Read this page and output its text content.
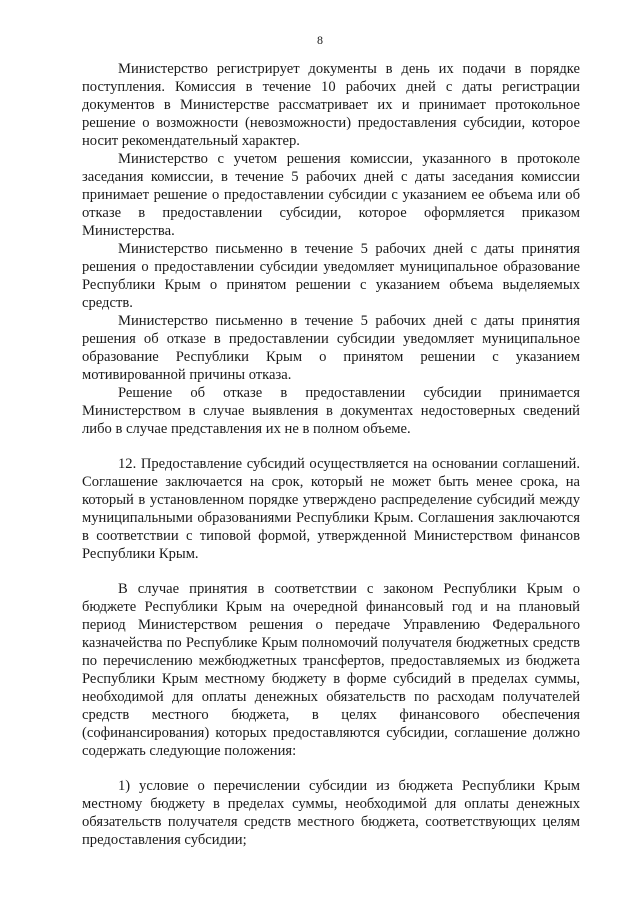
8

Министерство регистрирует документы в день их подачи в порядке поступления. Комиссия в течение 10 рабочих дней с даты регистрации документов в Министерстве рассматривает их и принимает протокольное решение о возможности (невозможности) предоставления субсидии, которое носит рекомендательный характер.

Министерство с учетом решения комиссии, указанного в протоколе заседания комиссии, в течение 5 рабочих дней с даты заседания комиссии принимает решение о предоставлении субсидии с указанием ее объема или об отказе в предоставлении субсидии, которое оформляется приказом Министерства.

Министерство письменно в течение 5 рабочих дней с даты принятия решения о предоставлении субсидии уведомляет муниципальное образование Республики Крым о принятом решении с указанием объема выделяемых средств.

Министерство письменно в течение 5 рабочих дней с даты принятия решения об отказе в предоставлении субсидии уведомляет муниципальное образование Республики Крым о принятом решении с указанием мотивированной причины отказа.

Решение об отказе в предоставлении субсидии принимается Министерством в случае выявления в документах недостоверных сведений либо в случае представления их не в полном объеме.

12. Предоставление субсидий осуществляется на основании соглашений. Соглашение заключается на срок, который не может быть менее срока, на который в установленном порядке утверждено распределение субсидий между муниципальными образованиями Республики Крым. Соглашения заключаются в соответствии с типовой формой, утвержденной Министерством финансов Республики Крым.

В случае принятия в соответствии с законом Республики Крым о бюджете Республики Крым на очередной финансовый год и на плановый период Министерством решения о передаче Управлению Федерального казначейства по Республике Крым полномочий получателя бюджетных средств по перечислению межбюджетных трансфертов, предоставляемых из бюджета Республики Крым местному бюджету в форме субсидий в пределах суммы, необходимой для оплаты денежных обязательств по расходам получателей средств местного бюджета, в целях финансового обеспечения (софинансирования) которых предоставляются субсидии, соглашение должно содержать следующие положения:

1) условие о перечислении субсидии из бюджета Республики Крым местному бюджету в пределах суммы, необходимой для оплаты денежных обязательств получателя средств местного бюджета, соответствующих целям предоставления субсидии;
